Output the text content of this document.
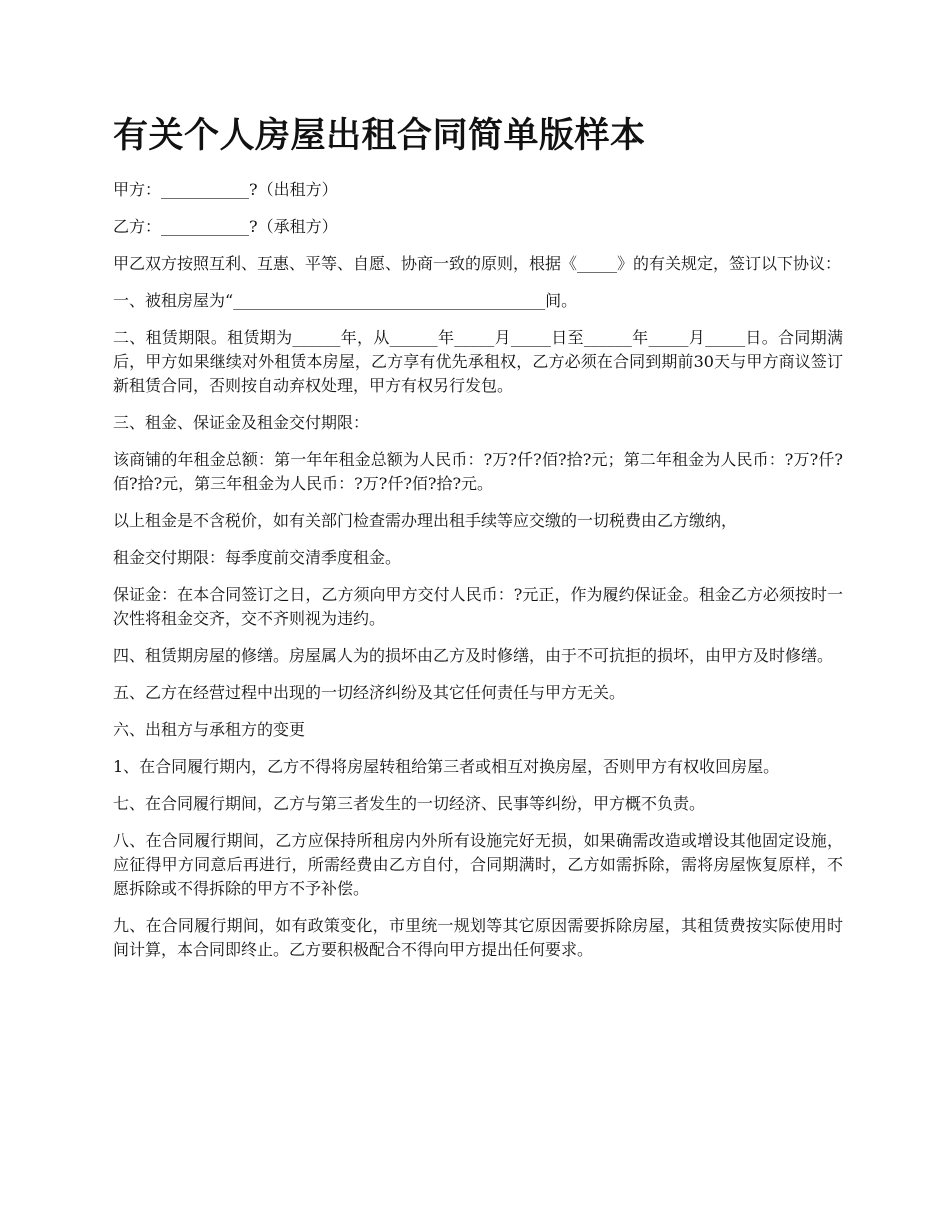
有关个人房屋出租合同简单版样本

甲方：___________?（出租方）

乙方：___________?（承租方）

甲乙双方按照互利、互惠、平等、自愿、协商一致的原则，根据《_____》的有关规定，签订以下协议：

一、被租房屋为“_______________________________________间。

二、租赁期限。租赁期为______年，从______年_____月_____日至______年_____月_____日。合同期满后，甲方如果继续对外租赁本房屋，乙方享有优先承租权，乙方必须在合同到期前30天与甲方商议签订新租赁合同，否则按自动弃权处理，甲方有权另行发包。

三、租金、保证金及租金交付期限：

该商铺的年租金总额：第一年年租金总额为人民币：?万?仟?佰?拾?元；第二年租金为人民币：?万?仟?佰?拾?元，第三年租金为人民币：?万?仟?佰?拾?元。

以上租金是不含税价，如有关部门检查需办理出租手续等应交缴的一切税费由乙方缴纳，

租金交付期限：每季度前交清季度租金。

保证金：在本合同签订之日，乙方须向甲方交付人民币：?元正，作为履约保证金。租金乙方必须按时一次性将租金交齐，交不齐则视为违约。

四、租赁期房屋的修缮。房屋属人为的损坏由乙方及时修缮，由于不可抗拒的损坏，由甲方及时修缮。

五、乙方在经营过程中出现的一切经济纠纷及其它任何责任与甲方无关。

六、出租方与承租方的变更

1、在合同履行期内，乙方不得将房屋转租给第三者或相互对换房屋，否则甲方有权收回房屋。

七、在合同履行期间，乙方与第三者发生的一切经济、民事等纠纷，甲方概不负责。

八、在合同履行期间，乙方应保持所租房内外所有设施完好无损，如果确需改造或增设其他固定设施，应征得甲方同意后再进行，所需经费由乙方自付，合同期满时，乙方如需拆除，需将房屋恢复原样，不愿拆除或不得拆除的甲方不予补偿。

九、在合同履行期间，如有政策变化，市里统一规划等其它原因需要拆除房屋，其租赁费按实际使用时间计算，本合同即终止。乙方要积极配合不得向甲方提出任何要求。
